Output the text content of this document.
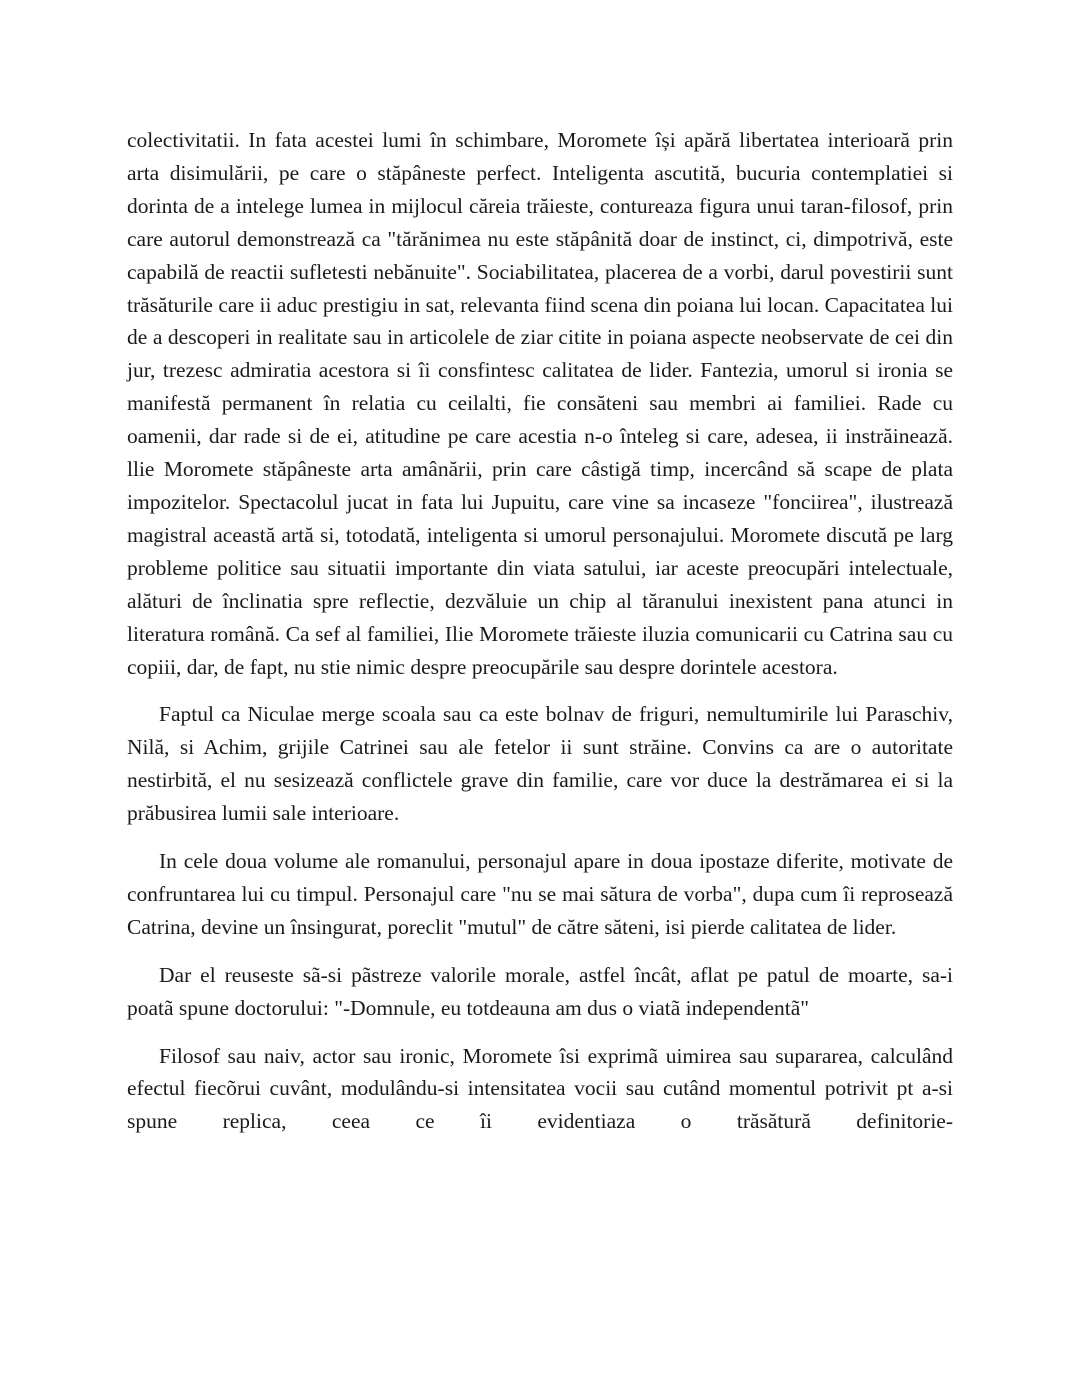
colectivitatii. In fata acestei lumi în schimbare, Moromete își apără libertatea interioară prin arta disimulării, pe care o stăpâneste perfect. Inteligenta ascutită, bucuria contemplatiei si dorinta de a intelege lumea in mijlocul căreia trăieste, contureaza figura unui taran-filosof, prin care autorul demonstrează ca "tărănimea nu este stăpânită doar de instinct, ci, dimpotrivă, este capabilă de reactii sufletesti nebănuite". Sociabilitatea, placerea de a vorbi, darul povestirii sunt trăsăturile care ii aduc prestigiu in sat, relevanta fiind scena din poiana lui locan. Capacitatea lui de a descoperi in realitate sau in articolele de ziar citite in poiana aspecte neobservate de cei din jur, trezesc admiratia acestora si îi consfintesc calitatea de lider. Fantezia, umorul si ironia se manifestă permanent în relatia cu ceilalti, fie consăteni sau membri ai familiei. Rade cu oamenii, dar rade si de ei, atitudine pe care acestia n-o înteleg si care, adesea, ii instrăinează. llie Moromete stăpâneste arta amânării, prin care câstigă timp, incercând să scape de plata impozitelor. Spectacolul jucat in fata lui Jupuitu, care vine sa incaseze "fonciirea", ilustrează magistral această artă si, totodată, inteligenta si umorul personajului. Moromete discută pe larg probleme politice sau situatii importante din viata satului, iar aceste preocupări intelectuale, alături de înclinatia spre reflectie, dezvăluie un chip al tăranului inexistent pana atunci in literatura română. Ca sef al familiei, Ilie Moromete trăieste iluzia comunicarii cu Catrina sau cu copiii, dar, de fapt, nu stie nimic despre preocupările sau despre dorintele acestora.

Faptul ca Niculae merge scoala sau ca este bolnav de friguri, nemultumirile lui Paraschiv, Nilă, si Achim, grijile Catrinei sau ale fetelor ii sunt străine. Convins ca are o autoritate nestirbită, el nu sesizează conflictele grave din familie, care vor duce la destrămarea ei si la prăbusirea lumii sale interioare.

In cele doua volume ale romanului, personajul apare in doua ipostaze diferite, motivate de confruntarea lui cu timpul. Personajul care "nu se mai sătura de vorba", dupa cum îi reprosează Catrina, devine un însingurat, poreclit "mutul" de către săteni, isi pierde calitatea de lider.

Dar el reuseste sã-si pãstreze valorile morale, astfel încât, aflat pe patul de moarte, sa-i poatã spune doctorului: "-Domnule, eu totdeauna am dus o viatã independentã"

Filosof sau naiv, actor sau ironic, Moromete îsi exprimã uimirea sau supararea, calculând efectul fiecõrui cuvânt, modulându-si intensitatea vocii sau cutând momentul potrivit pt a-si spune replica, ceea ce îi evidentiaza o trăsătură definitorie-
